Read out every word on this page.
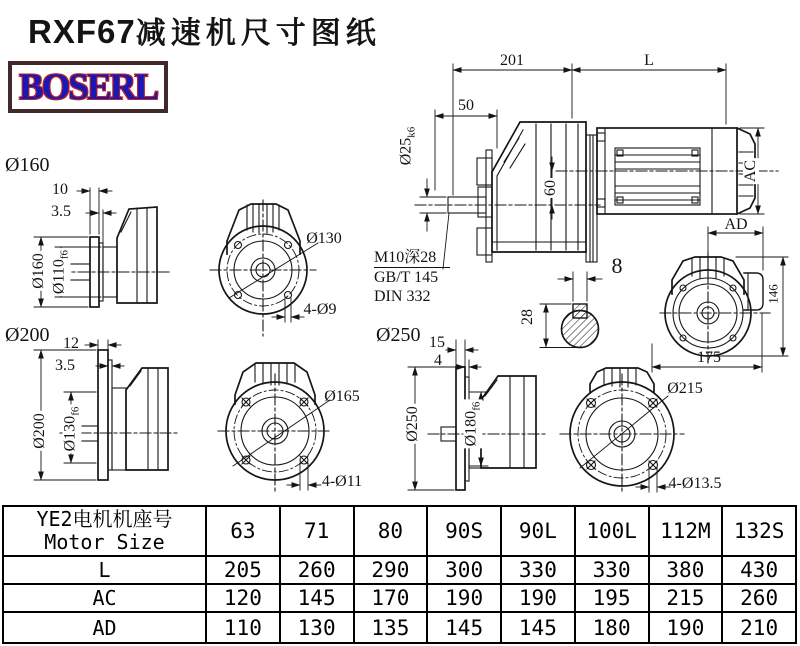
RXF67减速机尺寸图纸
BOSERL
Ø160
Ø200	Ø250
201	L
50
$Ø25_{k6}$
60
AC
M10深28
GB/T 145
DIN 332
10
3.5
Ø160 $Ø110_{f6}$
Ø130
4-Ø9
AD
146
175
8
28
12
3.5
Ø200 $Ø130_{f6}$
Ø165
4-Ø11
15
4
Ø250	$Ø180_{f6}$
Ø215
4-Ø13.5
YE2电机机座号
Motor Size	63	71	80	90S	90L	100L	112M	132S
L	205	260	290	300	330	330	380	430
AC	120	145	170	190	190	195	215	260
AD	110	130	135	145	145	180	190	210
